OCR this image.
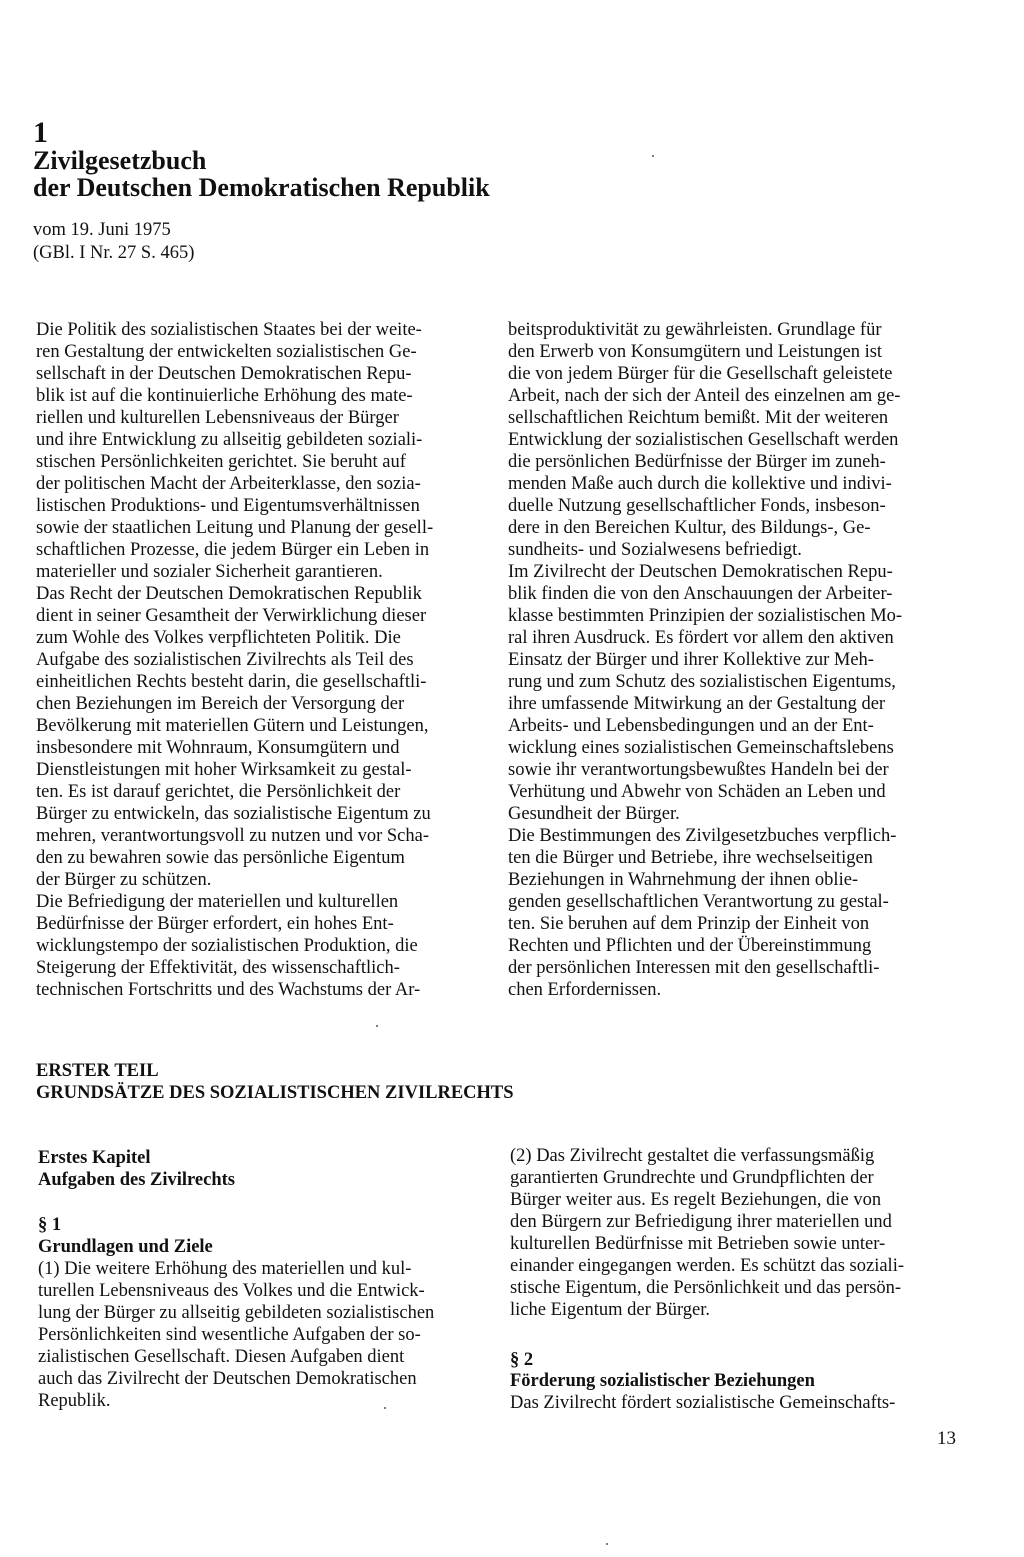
1
Zivilgesetzbuch
der Deutschen Demokratischen Republik
vom 19. Juni 1975
(GBl. I Nr. 27 S. 465)
Die Politik des sozialistischen Staates bei der weite-
ren Gestaltung der entwickelten sozialistischen Ge-
sellschaft in der Deutschen Demokratischen Repu-
blik ist auf die kontinuierliche Erhöhung des mate-
riellen und kulturellen Lebensniveaus der Bürger
und ihre Entwicklung zu allseitig gebildeten soziali-
stischen Persönlichkeiten gerichtet. Sie beruht auf
der politischen Macht der Arbeiterklasse, den sozia-
listischen Produktions- und Eigentumsverhältnissen
sowie der staatlichen Leitung und Planung der gesell-
schaftlichen Prozesse, die jedem Bürger ein Leben in
materieller und sozialer Sicherheit garantieren.
Das Recht der Deutschen Demokratischen Republik
dient in seiner Gesamtheit der Verwirklichung dieser
zum Wohle des Volkes verpflichteten Politik. Die
Aufgabe des sozialistischen Zivilrechts als Teil des
einheitlichen Rechts besteht darin, die gesellschaftli-
chen Beziehungen im Bereich der Versorgung der
Bevölkerung mit materiellen Gütern und Leistungen,
insbesondere mit Wohnraum, Konsumgütern und
Dienstleistungen mit hoher Wirksamkeit zu gestal-
ten. Es ist darauf gerichtet, die Persönlichkeit der
Bürger zu entwickeln, das sozialistische Eigentum zu
mehren, verantwortungsvoll zu nutzen und vor Scha-
den zu bewahren sowie das persönliche Eigentum
der Bürger zu schützen.
Die Befriedigung der materiellen und kulturellen
Bedürfnisse der Bürger erfordert, ein hohes Ent-
wicklungstempo der sozialistischen Produktion, die
Steigerung der Effektivität, des wissenschaftlich-
technischen Fortschritts und des Wachstums der Ar-
beitsproduktivität zu gewährleisten. Grundlage für
den Erwerb von Konsumgütern und Leistungen ist
die von jedem Bürger für die Gesellschaft geleistete
Arbeit, nach der sich der Anteil des einzelnen am ge-
sellschaftlichen Reichtum bemißt. Mit der weiteren
Entwicklung der sozialistischen Gesellschaft werden
die persönlichen Bedürfnisse der Bürger im zuneh-
menden Maße auch durch die kollektive und indivi-
duelle Nutzung gesellschaftlicher Fonds, insbeson-
dere in den Bereichen Kultur, des Bildungs-, Ge-
sundheits- und Sozialwesens befriedigt.
Im Zivilrecht der Deutschen Demokratischen Repu-
blik finden die von den Anschauungen der Arbeiter-
klasse bestimmten Prinzipien der sozialistischen Mo-
ral ihren Ausdruck. Es fördert vor allem den aktiven
Einsatz der Bürger und ihrer Kollektive zur Meh-
rung und zum Schutz des sozialistischen Eigentums,
ihre umfassende Mitwirkung an der Gestaltung der
Arbeits- und Lebensbedingungen und an der Ent-
wicklung eines sozialistischen Gemeinschaftslebens
sowie ihr verantwortungsbewußtes Handeln bei der
Verhütung und Abwehr von Schäden an Leben und
Gesundheit der Bürger.
Die Bestimmungen des Zivilgesetzbuches verpflich-
ten die Bürger und Betriebe, ihre wechselseitigen
Beziehungen in Wahrnehmung der ihnen oblie-
genden gesellschaftlichen Verantwortung zu gestal-
ten. Sie beruhen auf dem Prinzip der Einheit von
Rechten und Pflichten und der Übereinstimmung
der persönlichen Interessen mit den gesellschaftli-
chen Erfordernissen.
ERSTER TEIL
GRUNDSÄTZE DES SOZIALISTISCHEN ZIVILRECHTS
Erstes Kapitel
Aufgaben des Zivilrechts
§ 1
Grundlagen und Ziele
(1) Die weitere Erhöhung des materiellen und kul-
turellen Lebensniveaus des Volkes und die Entwick-
lung der Bürger zu allseitig gebildeten sozialistischen
Persönlichkeiten sind wesentliche Aufgaben der so-
zialistischen Gesellschaft. Diesen Aufgaben dient
auch das Zivilrecht der Deutschen Demokratischen
Republik.
(2) Das Zivilrecht gestaltet die verfassungsmäßig
garantierten Grundrechte und Grundpflichten der
Bürger weiter aus. Es regelt Beziehungen, die von
den Bürgern zur Befriedigung ihrer materiellen und
kulturellen Bedürfnisse mit Betrieben sowie unter-
einander eingegangen werden. Es schützt das soziali-
stische Eigentum, die Persönlichkeit und das persön-
liche Eigentum der Bürger.
§ 2
Förderung sozialistischer Beziehungen
Das Zivilrecht fördert sozialistische Gemeinschafts-
13
